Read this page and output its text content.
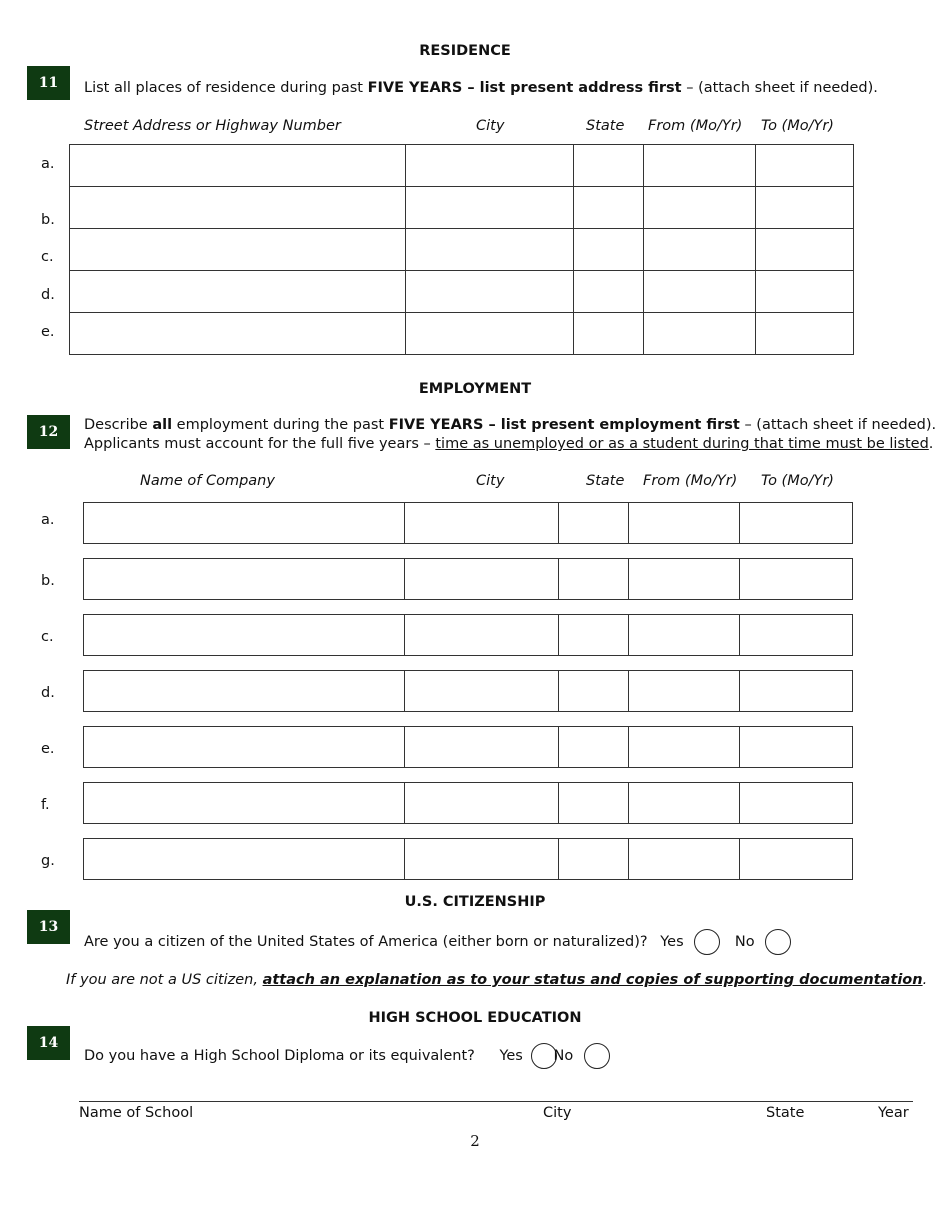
RESIDENCE
11	List all places of residence during past FIVE YEARS – list present address first – (attach sheet if needed).
Street Address or Highway Number	City	State From (Mo/Yr) To (Mo/Yr)
a.
b.
c.
d.
e.

EMPLOYMENT
12	Describe all employment during the past FIVE YEARS – list present employment first – (attach sheet if needed).
Applicants must account for the full five years – time as unemployed or as a student during that time must be listed.
Name of Company	City	State From (Mo/Yr) To (Mo/Yr)
a.
b.
c.
d.
e.
f.
g.
U.S. CITIZENSHIP
13
Are you a citizen of the United States of America (either born or naturalized)? Yes	No
If you are not a US citizen, attach an explanation as to your status and copies of supporting documentation.
HIGH SCHOOL EDUCATION
14
Do you have a High School Diploma or its equivalent? Yes No
Name of School	City	State	Year
2
